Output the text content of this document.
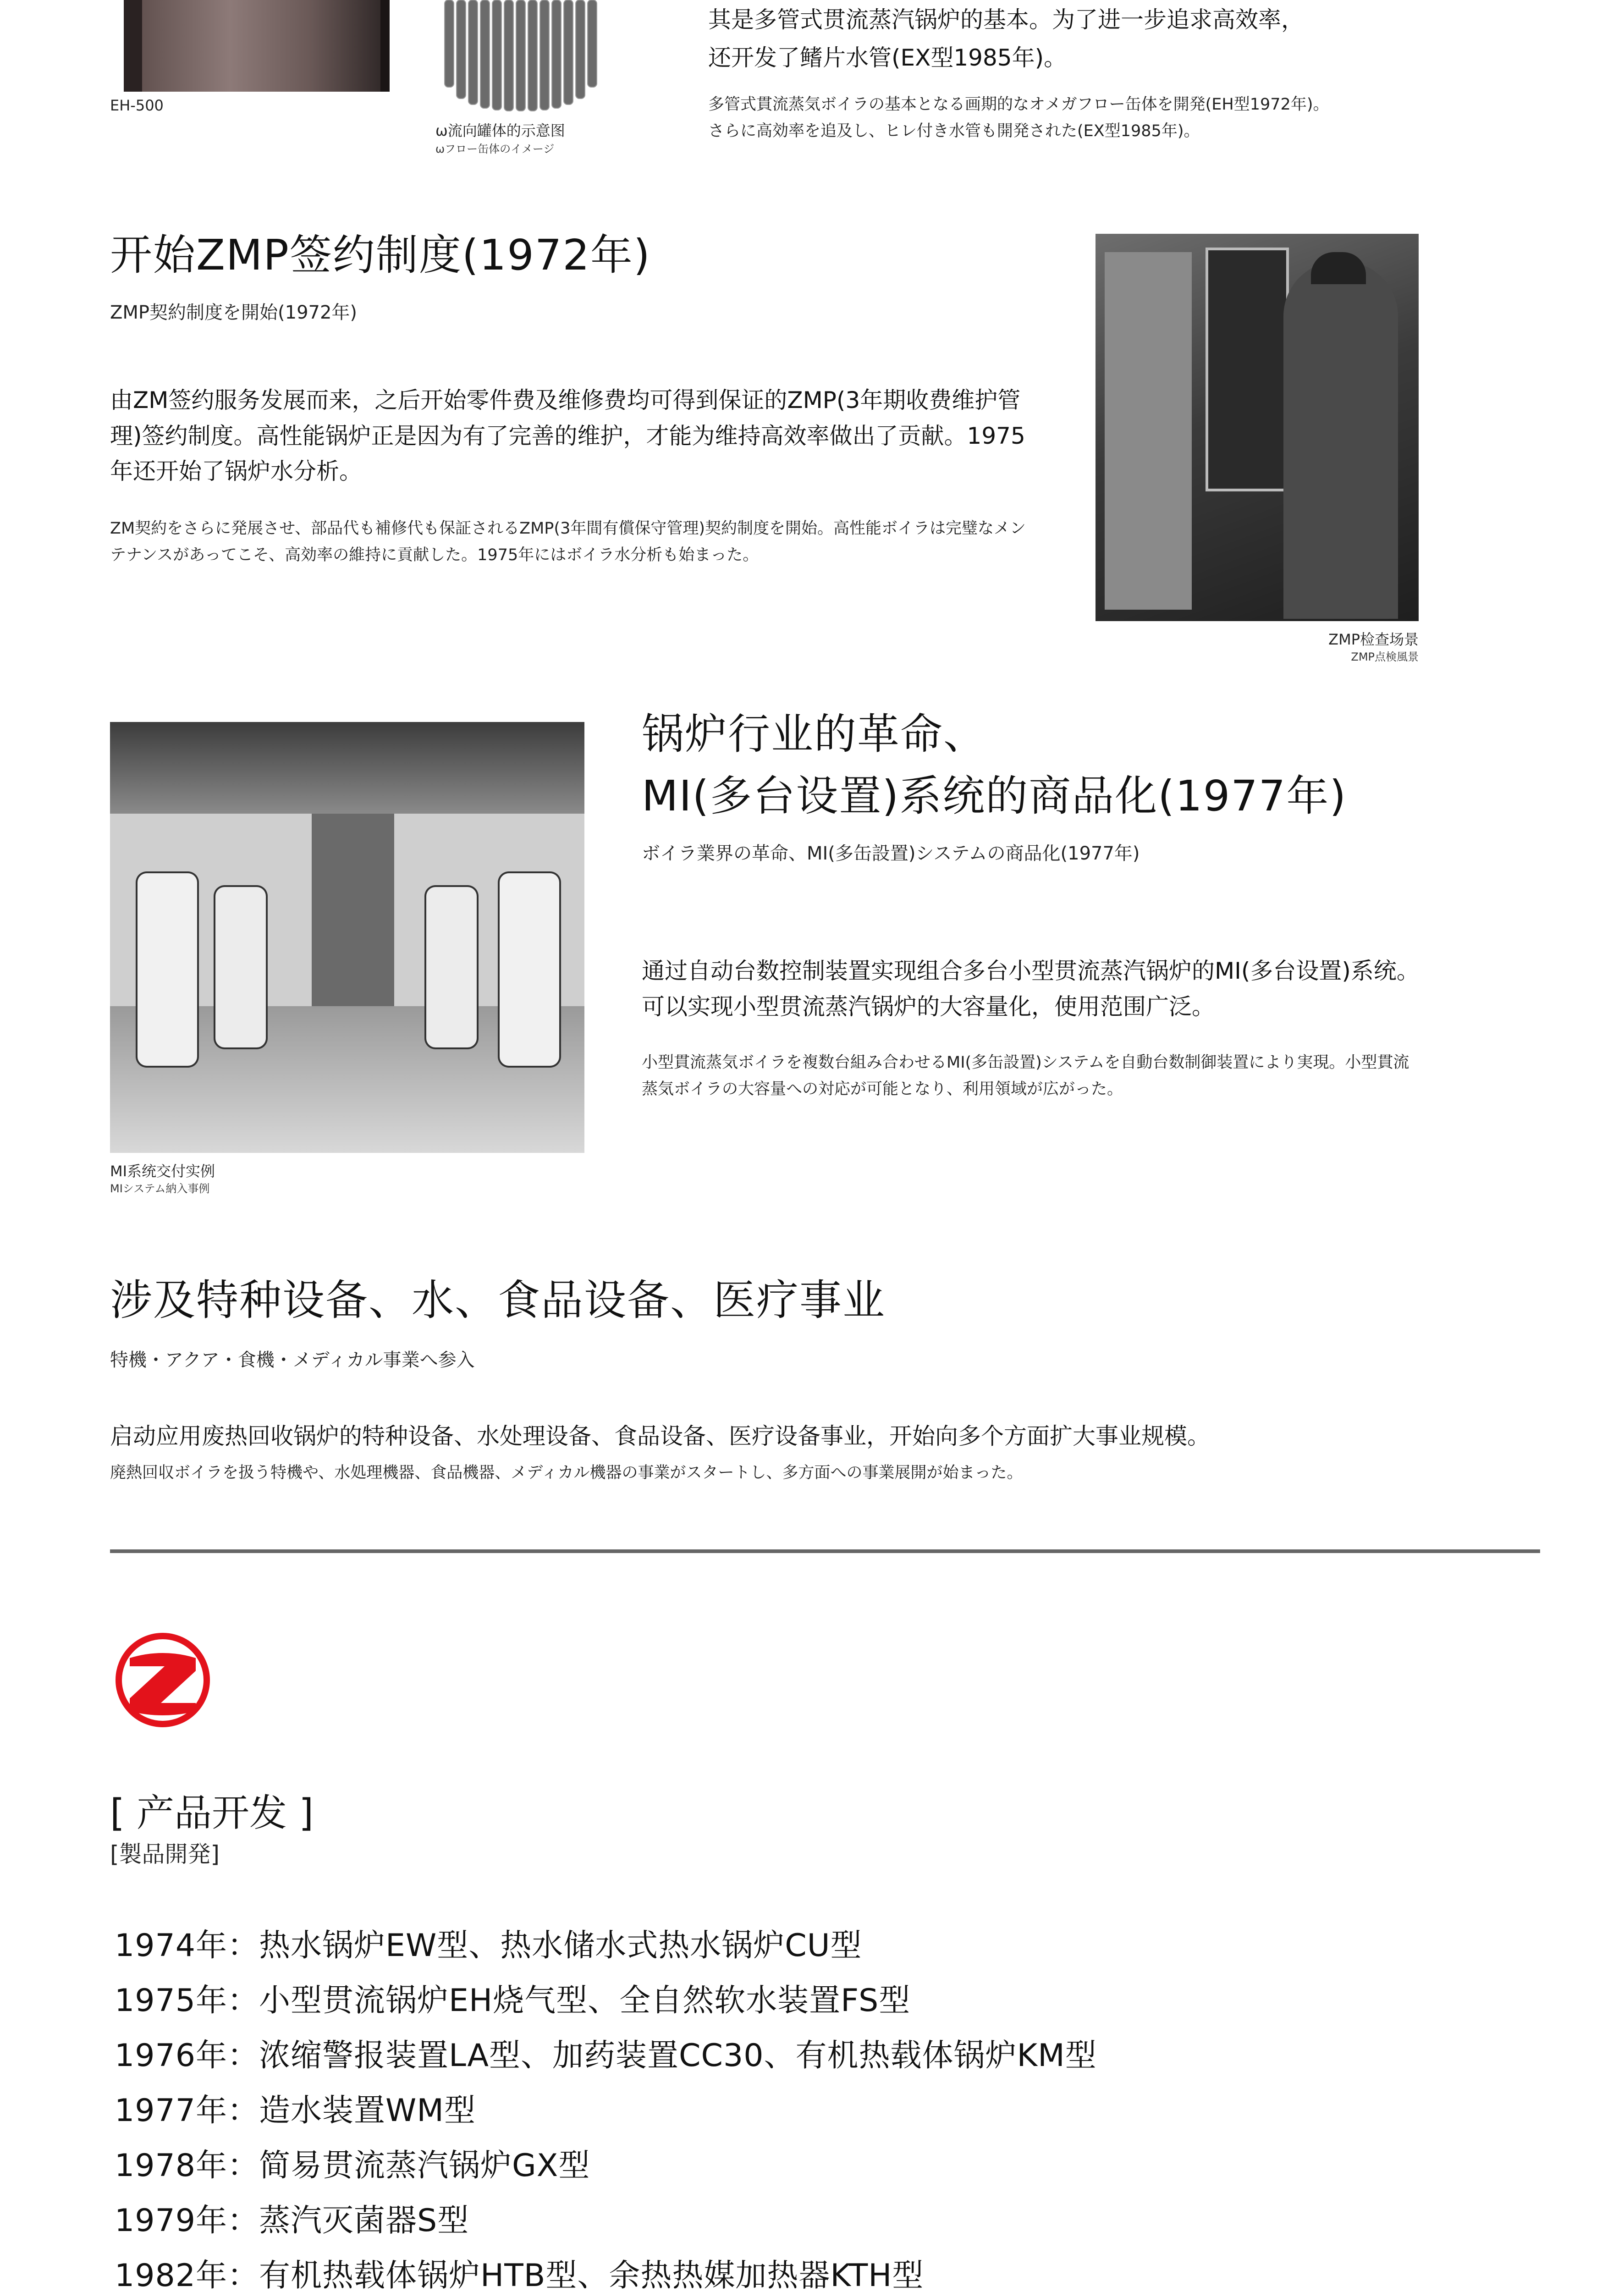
EH-500
ω流向罐体的示意图
ωフロー缶体のイメージ
其是多管式贯流蒸汽锅炉的基本。为了进一步追求高效率，
还开发了鳍片水管(EX型1985年)。
多管式貫流蒸気ボイラの基本となる画期的なオメガフロー缶体を開発(EH型1972年)。
さらに高効率を追及し、ヒレ付き水管も開発された(EX型1985年)。
开始ZMP签约制度(1972年)
ZMP契約制度を開始(1972年)
由ZM签约服务发展而来，之后开始零件费及维修费均可得到保证的ZMP(3年期收费维护管理)签约制度。高性能锅炉正是因为有了完善的维护，才能为维持高效率做出了贡献。1975年还开始了锅炉水分析。
ZM契約をさらに発展させ、部品代も補修代も保証されるZMP(3年間有償保守管理)契約制度を開始。高性能ボイラは完璧なメンテナンスがあってこそ、高効率の維持に貢献した。1975年にはボイラ水分析も始まった。
ZMP检查场景
ZMP点検風景
MI系统交付实例
MIシステム納入事例
锅炉行业的革命、
MI(多台设置)系统的商品化(1977年)
ボイラ業界の革命、MI(多缶設置)システムの商品化(1977年)
通过自动台数控制装置实现组合多台小型贯流蒸汽锅炉的MI(多台设置)系统。可以实现小型贯流蒸汽锅炉的大容量化，使用范围广泛。
小型貫流蒸気ボイラを複数台組み合わせるMI(多缶設置)システムを自動台数制御装置により実現。小型貫流蒸気ボイラの大容量への対応が可能となり、利用領域が広がった。
涉及特种设备、水、食品设备、医疗事业
特機・アクア・食機・メディカル事業へ参入
启动应用废热回收锅炉的特种设备、水处理设备、食品设备、医疗设备事业，开始向多个方面扩大事业规模。
廃熱回収ボイラを扱う特機や、水処理機器、食品機器、メディカル機器の事業がスタートし、多方面への事業展開が始まった。
[ 产品开发 ]
[製品開発]
1974年：热水锅炉EW型、热水储水式热水锅炉CU型
1975年：小型贯流锅炉EH烧气型、全自然软水装置FS型
1976年：浓缩警报装置LA型、加药装置CC30、有机热载体锅炉KM型
1977年：造水装置WM型
1978年：简易贯流蒸汽锅炉GX型
1979年：蒸汽灭菌器S型
1982年：有机热载体锅炉HTB型、余热热媒加热器KTH型
